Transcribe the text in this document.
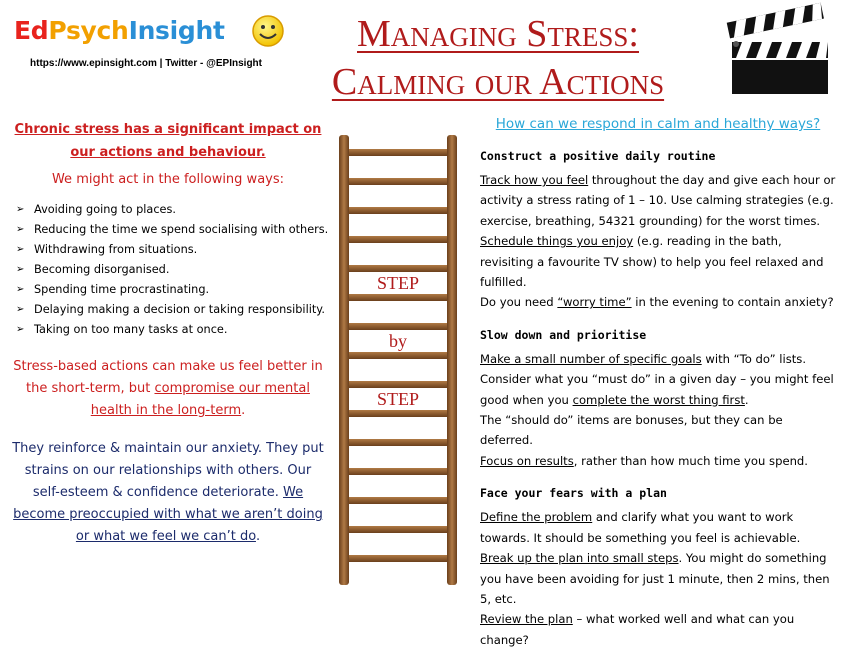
EdPsychInsight
https://www.epinsight.com | Twitter - @EPInsight
Managing Stress:
Calming our Actions
Chronic stress has a significant impact on
our actions and behaviour.
We might act in the following ways:
➢ Avoiding going to places.
➢ Reducing the time we spend socialising with others.
➢ Withdrawing from situations.
➢ Becoming disorganised.
➢ Spending time procrastinating.
➢ Delaying making a decision or taking responsibility.
➢ Taking on too many tasks at once.
Stress-based actions can make us feel better in the short-term, but compromise our mental health in the long-term.
They reinforce & maintain our anxiety. They put strains on our relationships with others. Our self-esteem & confidence deteriorate. We become preoccupied with what we aren’t doing or what we feel we can’t do.
STEP
by
STEP
How can we respond in calm and healthy ways?
Construct a positive daily routine
Track how you feel throughout the day and give each hour or activity a stress rating of 1 – 10. Use calming strategies (e.g. exercise, breathing, 54321 grounding) for the worst times.
Schedule things you enjoy (e.g. reading in the bath, revisiting a favourite TV show) to help you feel relaxed and fulfilled.
Do you need “worry time” in the evening to contain anxiety?
Slow down and prioritise
Make a small number of specific goals with “To do” lists.
Consider what you “must do” in a given day – you might feel good when you complete the worst thing first.
The “should do” items are bonuses, but they can be deferred.
Focus on results, rather than how much time you spend.
Face your fears with a plan
Define the problem and clarify what you want to work towards. It should be something you feel is achievable.
Break up the plan into small steps. You might do something you have been avoiding for just 1 minute, then 2 mins, then 5, etc.
Review the plan – what worked well and what can you change?
